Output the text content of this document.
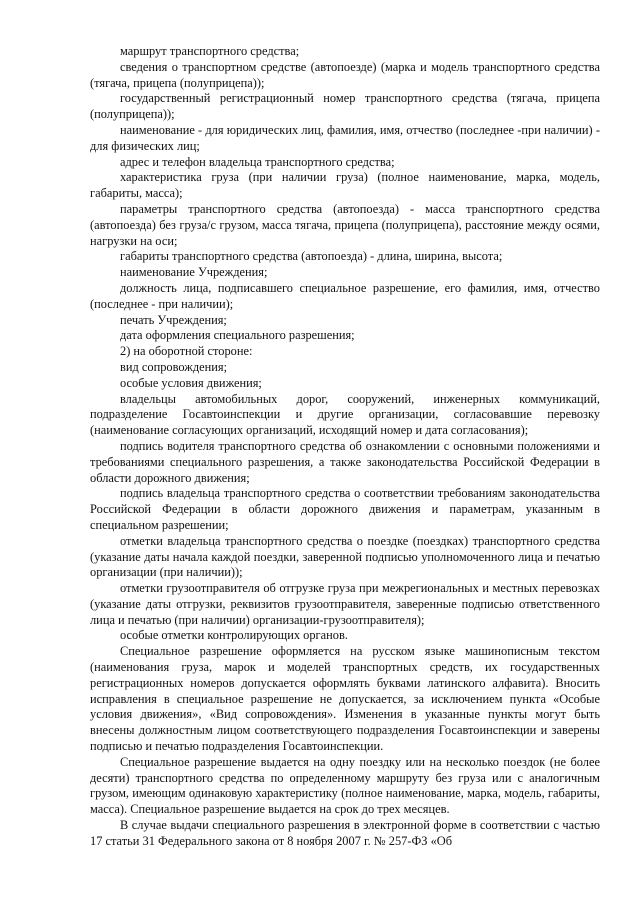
маршрут транспортного средства;

сведения о транспортном средстве (автопоезде) (марка и модель транспортного средства (тягача, прицепа (полуприцепа));

государственный регистрационный номер транспортного средства (тягача, прицепа (полуприцепа));

наименование - для юридических лиц, фамилия, имя, отчество (последнее -при наличии) - для физических лиц;

адрес и телефон владельца транспортного средства;

характеристика груза (при наличии груза) (полное наименование, марка, модель, габариты, масса);

параметры транспортного средства (автопоезда) - масса транспортного средства (автопоезда) без груза/с грузом, масса тягача, прицепа (полуприцепа), расстояние между осями, нагрузки на оси;

габариты транспортного средства (автопоезда) - длина, ширина, высота;

наименование Учреждения;

должность лица, подписавшего специальное разрешение, его фамилия, имя, отчество (последнее - при наличии);

печать Учреждения;

дата оформления специального разрешения;

2) на оборотной стороне:

вид сопровождения;

особые условия движения;

владельцы автомобильных дорог, сооружений, инженерных коммуникаций, подразделение Госавтоинспекции и другие организации, согласовавшие перевозку (наименование согласующих организаций, исходящий номер и дата согласования);

подпись водителя транспортного средства об ознакомлении с основными положениями и требованиями специального разрешения, а также законодательства Российской Федерации в области дорожного движения;

подпись владельца транспортного средства о соответствии требованиям законодательства Российской Федерации в области дорожного движения и параметрам, указанным в специальном разрешении;

отметки владельца транспортного средства о поездке (поездках) транспортного средства (указание даты начала каждой поездки, заверенной подписью уполномоченного лица и печатью организации (при наличии));

отметки грузоотправителя об отгрузке груза при межрегиональных и местных перевозках (указание даты отгрузки, реквизитов грузоотправителя, заверенные подписью ответственного лица и печатью (при наличии) организации-грузоотправителя);

особые отметки контролирующих органов.

Специальное разрешение оформляется на русском языке машинописным текстом (наименования груза, марок и моделей транспортных средств, их государственных регистрационных номеров допускается оформлять буквами латинского алфавита). Вносить исправления в специальное разрешение не допускается, за исключением пункта «Особые условия движения», «Вид сопровождения». Изменения в указанные пункты могут быть внесены должностным лицом соответствующего подразделения Госавтоинспекции и заверены подписью и печатью подразделения Госавтоинспекции.

Специальное разрешение выдается на одну поездку или на несколько поездок (не более десяти) транспортного средства по определенному маршруту без груза или с аналогичным грузом, имеющим одинаковую характеристику (полное наименование, марка, модель, габариты, масса). Специальное разрешение выдается на срок до трех месяцев.

В случае выдачи специального разрешения в электронной форме в соответствии с частью 17 статьи 31 Федерального закона от 8 ноября 2007 г. № 257-ФЗ «Об
